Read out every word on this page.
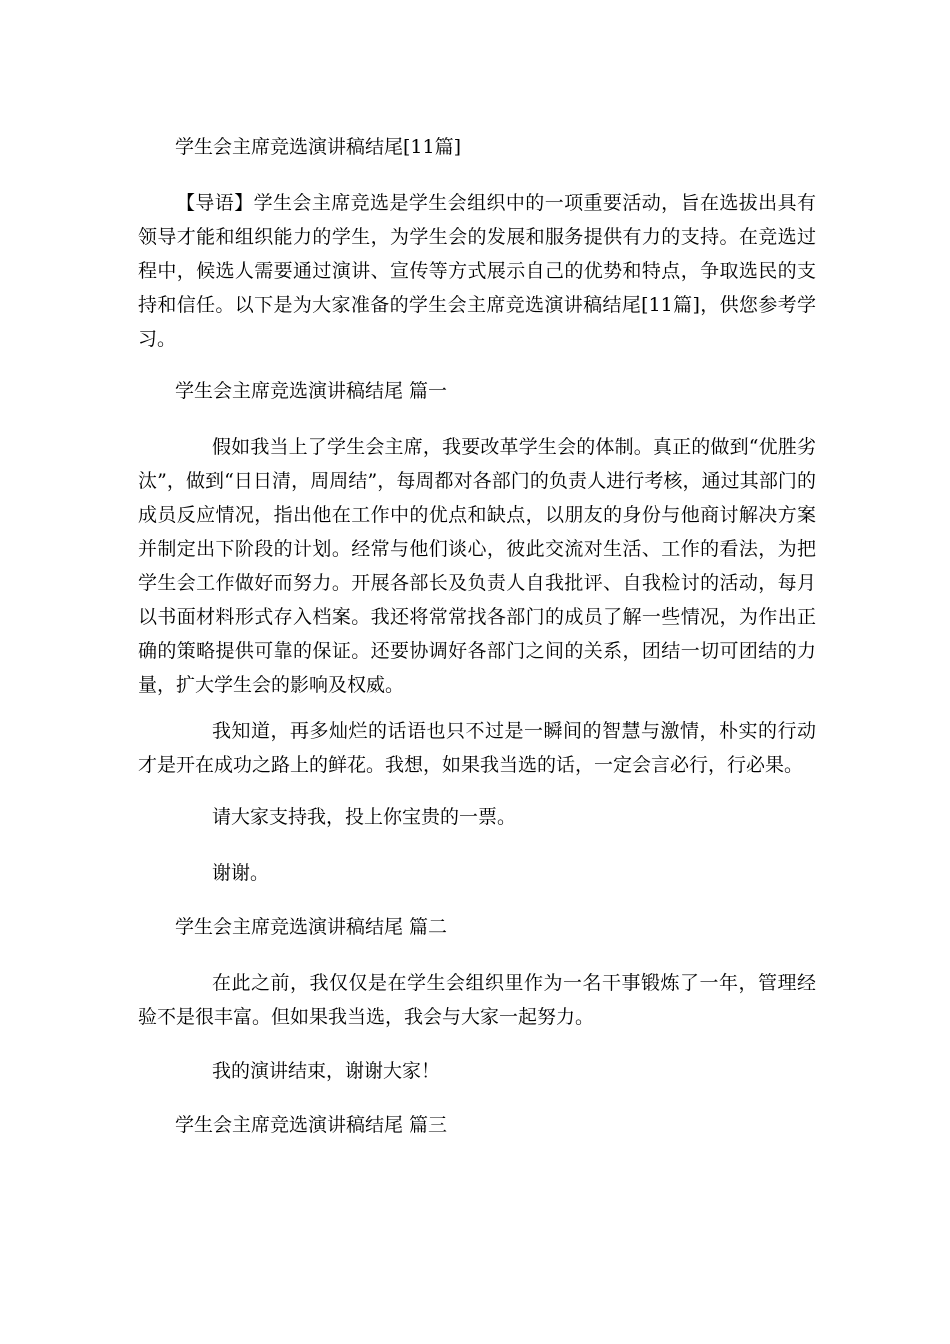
学生会主席竞选演讲稿结尾[11篇]
【导语】学生会主席竞选是学生会组织中的一项重要活动，旨在选拔出具有领导才能和组织能力的学生，为学生会的发展和服务提供有力的支持。在竞选过程中，候选人需要通过演讲、宣传等方式展示自己的优势和特点，争取选民的支持和信任。以下是为大家准备的学生会主席竞选演讲稿结尾[11篇]，供您参考学习。
学生会主席竞选演讲稿结尾 篇一
假如我当上了学生会主席，我要改革学生会的体制。真正的做到“优胜劣汰”，做到“日日清，周周结”，每周都对各部门的负责人进行考核，通过其部门的成员反应情况，指出他在工作中的优点和缺点，以朋友的身份与他商讨解决方案并制定出下阶段的计划。经常与他们谈心，彼此交流对生活、工作的看法，为把学生会工作做好而努力。开展各部长及负责人自我批评、自我检讨的活动，每月以书面材料形式存入档案。我还将常常找各部门的成员了解一些情况，为作出正确的策略提供可靠的保证。还要协调好各部门之间的关系，团结一切可团结的力量，扩大学生会的影响及权威。
我知道，再多灿烂的话语也只不过是一瞬间的智慧与激情，朴实的行动才是开在成功之路上的鲜花。我想，如果我当选的话，一定会言必行，行必果。
请大家支持我，投上你宝贵的一票。
谢谢。
学生会主席竞选演讲稿结尾 篇二
在此之前，我仅仅是在学生会组织里作为一名干事锻炼了一年，管理经验不是很丰富。但如果我当选，我会与大家一起努力。
我的演讲结束，谢谢大家！
学生会主席竞选演讲稿结尾 篇三
